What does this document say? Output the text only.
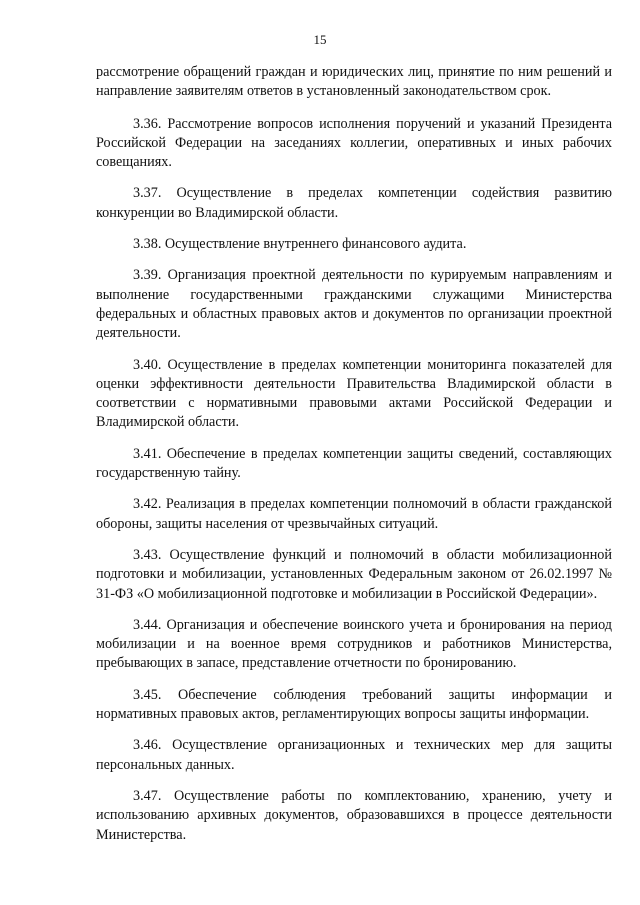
15

рассмотрение обращений граждан и юридических лиц, принятие по ним решений и направление заявителям ответов в установленный законодательством срок.

3.36. Рассмотрение вопросов исполнения поручений и указаний Президента Российской Федерации на заседаниях коллегии, оперативных и иных рабочих совещаниях.

3.37. Осуществление в пределах компетенции содействия развитию конкуренции во Владимирской области.

3.38. Осуществление внутреннего финансового аудита.

3.39. Организация проектной деятельности по курируемым направлениям и выполнение государственными гражданскими служащими Министерства федеральных и областных правовых актов и документов по организации проектной деятельности.

3.40. Осуществление в пределах компетенции мониторинга показателей для оценки эффективности деятельности Правительства Владимирской области в соответствии с нормативными правовыми актами Российской Федерации и Владимирской области.

3.41. Обеспечение в пределах компетенции защиты сведений, составляющих государственную тайну.

3.42. Реализация в пределах компетенции полномочий в области гражданской обороны, защиты населения от чрезвычайных ситуаций.

3.43. Осуществление функций и полномочий в области мобилизационной подготовки и мобилизации, установленных Федеральным законом от 26.02.1997 № 31-ФЗ «О мобилизационной подготовке и мобилизации в Российской Федерации».

3.44. Организация и обеспечение воинского учета и бронирования на период мобилизации и на военное время сотрудников и работников Министерства, пребывающих в запасе, представление отчетности по бронированию.

3.45. Обеспечение соблюдения требований защиты информации и нормативных правовых актов, регламентирующих вопросы защиты информации.

3.46. Осуществление организационных и технических мер для защиты персональных данных.

3.47. Осуществление работы по комплектованию, хранению, учету и использованию архивных документов, образовавшихся в процессе деятельности Министерства.
